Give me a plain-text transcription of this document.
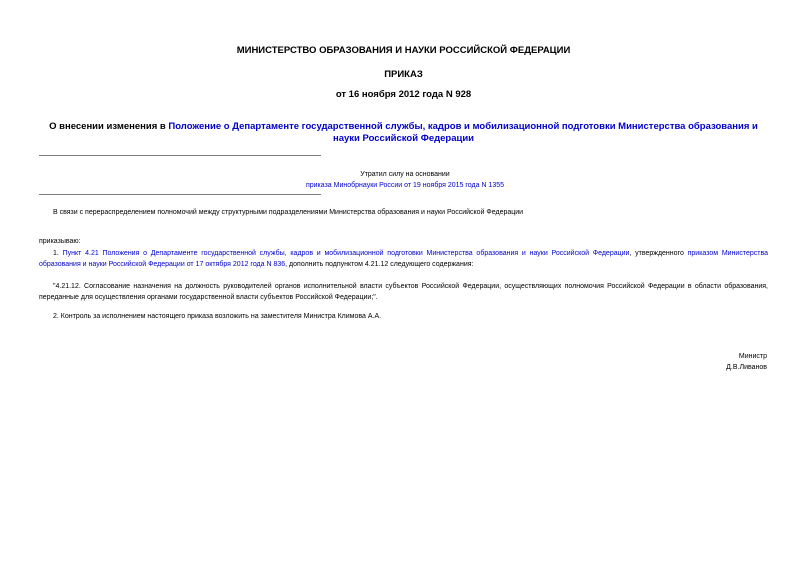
МИНИСТЕРСТВО ОБРАЗОВАНИЯ И НАУКИ РОССИЙСКОЙ ФЕДЕРАЦИИ
ПРИКАЗ
от 16 ноября 2012 года N 928
О внесении изменения в Положение о Департаменте государственной службы, кадров и мобилизационной подготовки Министерства образования и науки Российской Федерации
Утратил силу на основании
приказа Минобрнауки России от 19 ноября 2015 года N 1355
В связи с перераспределением полномочий между структурными подразделениями Министерства образования и науки Российской Федерации
приказываю:
1. Пункт 4.21 Положения о Департаменте государственной службы, кадров и мобилизационной подготовки Министерства образования и науки Российской Федерации, утвержденного приказом Министерства образования и науки Российской Федерации от 17 октября 2012 года N 836, дополнить подпунктом 4.21.12 следующего содержания:
"4.21.12. Согласование назначения на должность руководителей органов исполнительной власти субъектов Российской Федерации, осуществляющих полномочия Российской Федерации в области образования, переданные для осуществления органами государственной власти субъектов Российской Федерации;".
2. Контроль за исполнением настоящего приказа возложить на заместителя Министра Климова А.А.
Министр
Д.В.Ливанов
